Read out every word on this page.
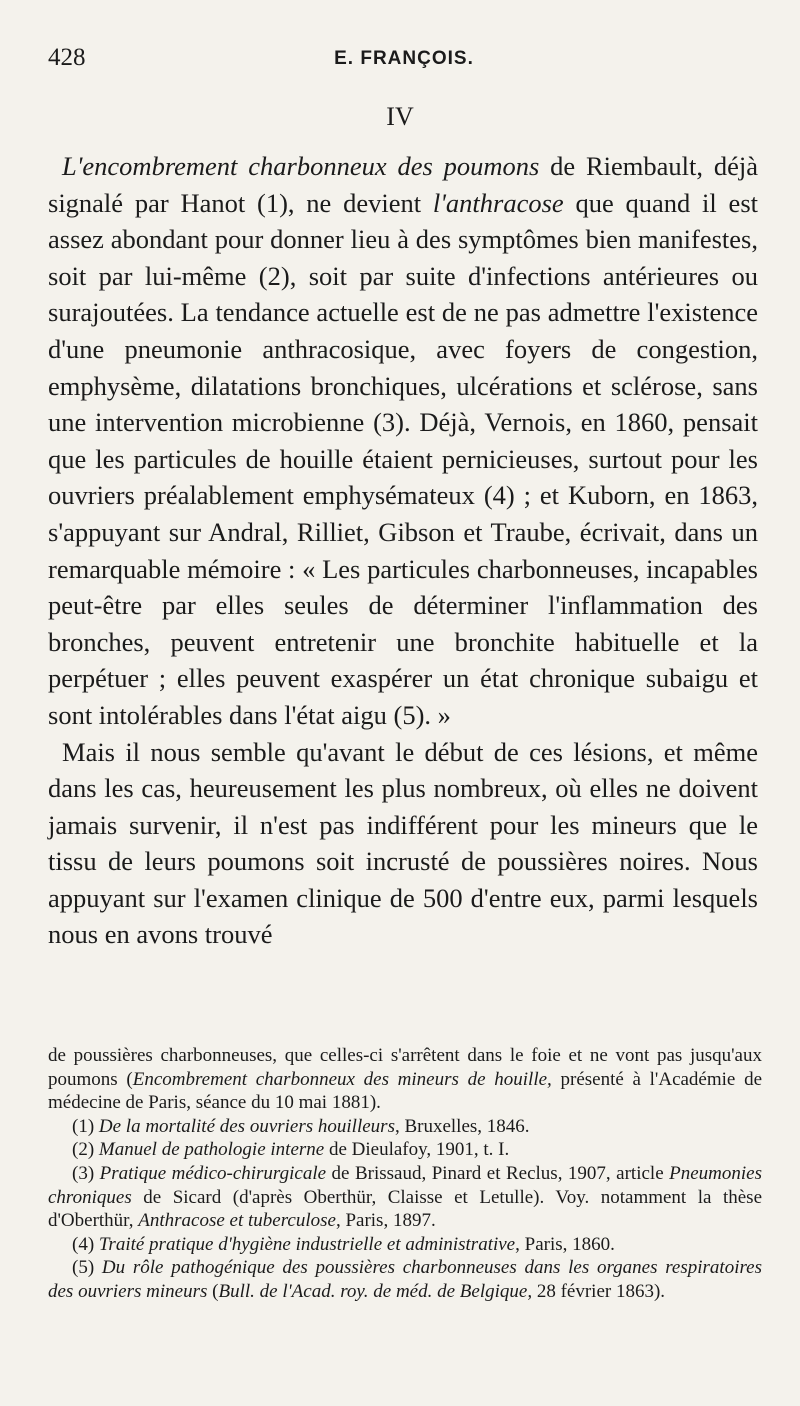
428	E. FRANÇOIS.
IV

L'encombrement charbonneux des poumons de Riembault, déjà signalé par Hanot (1), ne devient l'anthracose que quand il est assez abondant pour donner lieu à des symptômes bien manifestes, soit par lui-même (2), soit par suite d'infections antérieures ou surajoutées. La tendance actuelle est de ne pas admettre l'existence d'une pneumonie anthracosique, avec foyers de congestion, emphysème, dilatations bronchiques, ulcérations et sclérose, sans une intervention microbienne (3). Déjà, Vernois, en 1860, pensait que les particules de houille étaient pernicieuses, surtout pour les ouvriers préalablement emphysémateux (4) ; et Kuborn, en 1863, s'appuyant sur Andral, Rilliet, Gibson et Traube, écrivait, dans un remarquable mémoire : « Les particules charbonneuses, incapables peut-être par elles seules de déterminer l'inflammation des bronches, peuvent entretenir une bronchite habituelle et la perpétuer ; elles peuvent exaspérer un état chronique subaigu et sont intolérables dans l'état aigu (5). »

Mais il nous semble qu'avant le début de ces lésions, et même dans les cas, heureusement les plus nombreux, où elles ne doivent jamais survenir, il n'est pas indifférent pour les mineurs que le tissu de leurs poumons soit incrusté de poussières noires. Nous appuyant sur l'examen clinique de 500 d'entre eux, parmi lesquels nous en avons trouvé

de poussières charbonneuses, que celles-ci s'arrêtent dans le foie et ne vont pas jusqu'aux poumons (Encombrement charbonneux des mineurs de houille, présenté à l'Académie de médecine de Paris, séance du 10 mai 1881).

(1) De la mortalité des ouvriers houilleurs, Bruxelles, 1846.

(2) Manuel de pathologie interne de Dieulafoy, 1901, t. I.

(3) Pratique médico-chirurgicale de Brissaud, Pinard et Reclus, 1907, article Pneumonies chroniques de Sicard (d'après Oberthür, Claisse et Letulle). Voy. notamment la thèse d'Oberthür, Anthracose et tuberculose, Paris, 1897.

(4) Traité pratique d'hygiène industrielle et administrative, Paris, 1860.

(5) Du rôle pathogénique des poussières charbonneuses dans les organes respiratoires des ouvriers mineurs (Bull. de l'Acad. roy. de méd. de Belgique, 28 février 1863).
